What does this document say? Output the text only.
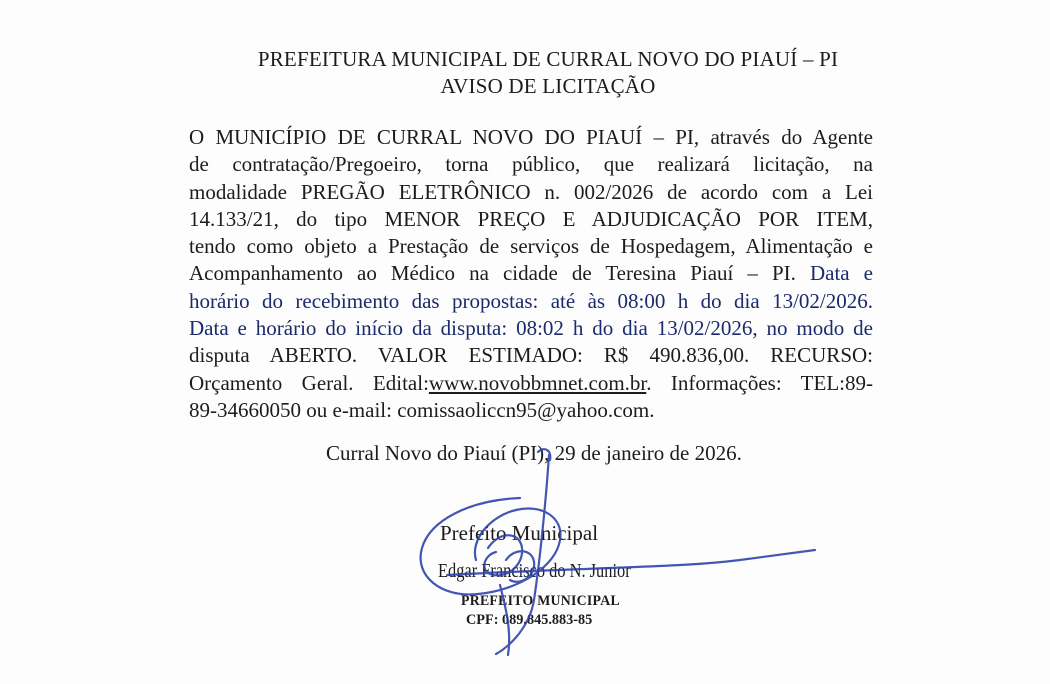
PREFEITURA MUNICIPAL DE CURRAL NOVO DO PIAUÍ – PI
AVISO DE LICITAÇÃO
O MUNICÍPIO DE CURRAL NOVO DO PIAUÍ – PI, através do Agente
de contratação/Pregoeiro, torna público, que realizará licitação, na
modalidade PREGÃO ELETRÔNICO n. 002/2026 de acordo com a Lei
14.133/21, do tipo MENOR PREÇO E ADJUDICAÇÃO POR ITEM,
tendo como objeto a Prestação de serviços de Hospedagem, Alimentação e
Acompanhamento ao Médico na cidade de Teresina Piauí – PI. Data e
horário do recebimento das propostas: até às 08:00 h do dia 13/02/2026.
Data e horário do início da disputa: 08:02 h do dia 13/02/2026, no modo de
disputa ABERTO. VALOR ESTIMADO: R$ 490.836,00. RECURSO:
Orçamento Geral. Edital:www.novobbmnet.com.br. Informações: TEL:89-
89-34660050 ou e-mail: comissaoliccn95@yahoo.com.
Curral Novo do Piauí (PI), 29 de janeiro de 2026.
Prefeito Municipal
Edgar Francisco do N. Junior
PREFEITO MUNICIPAL
CPF: 089.845.883-85
